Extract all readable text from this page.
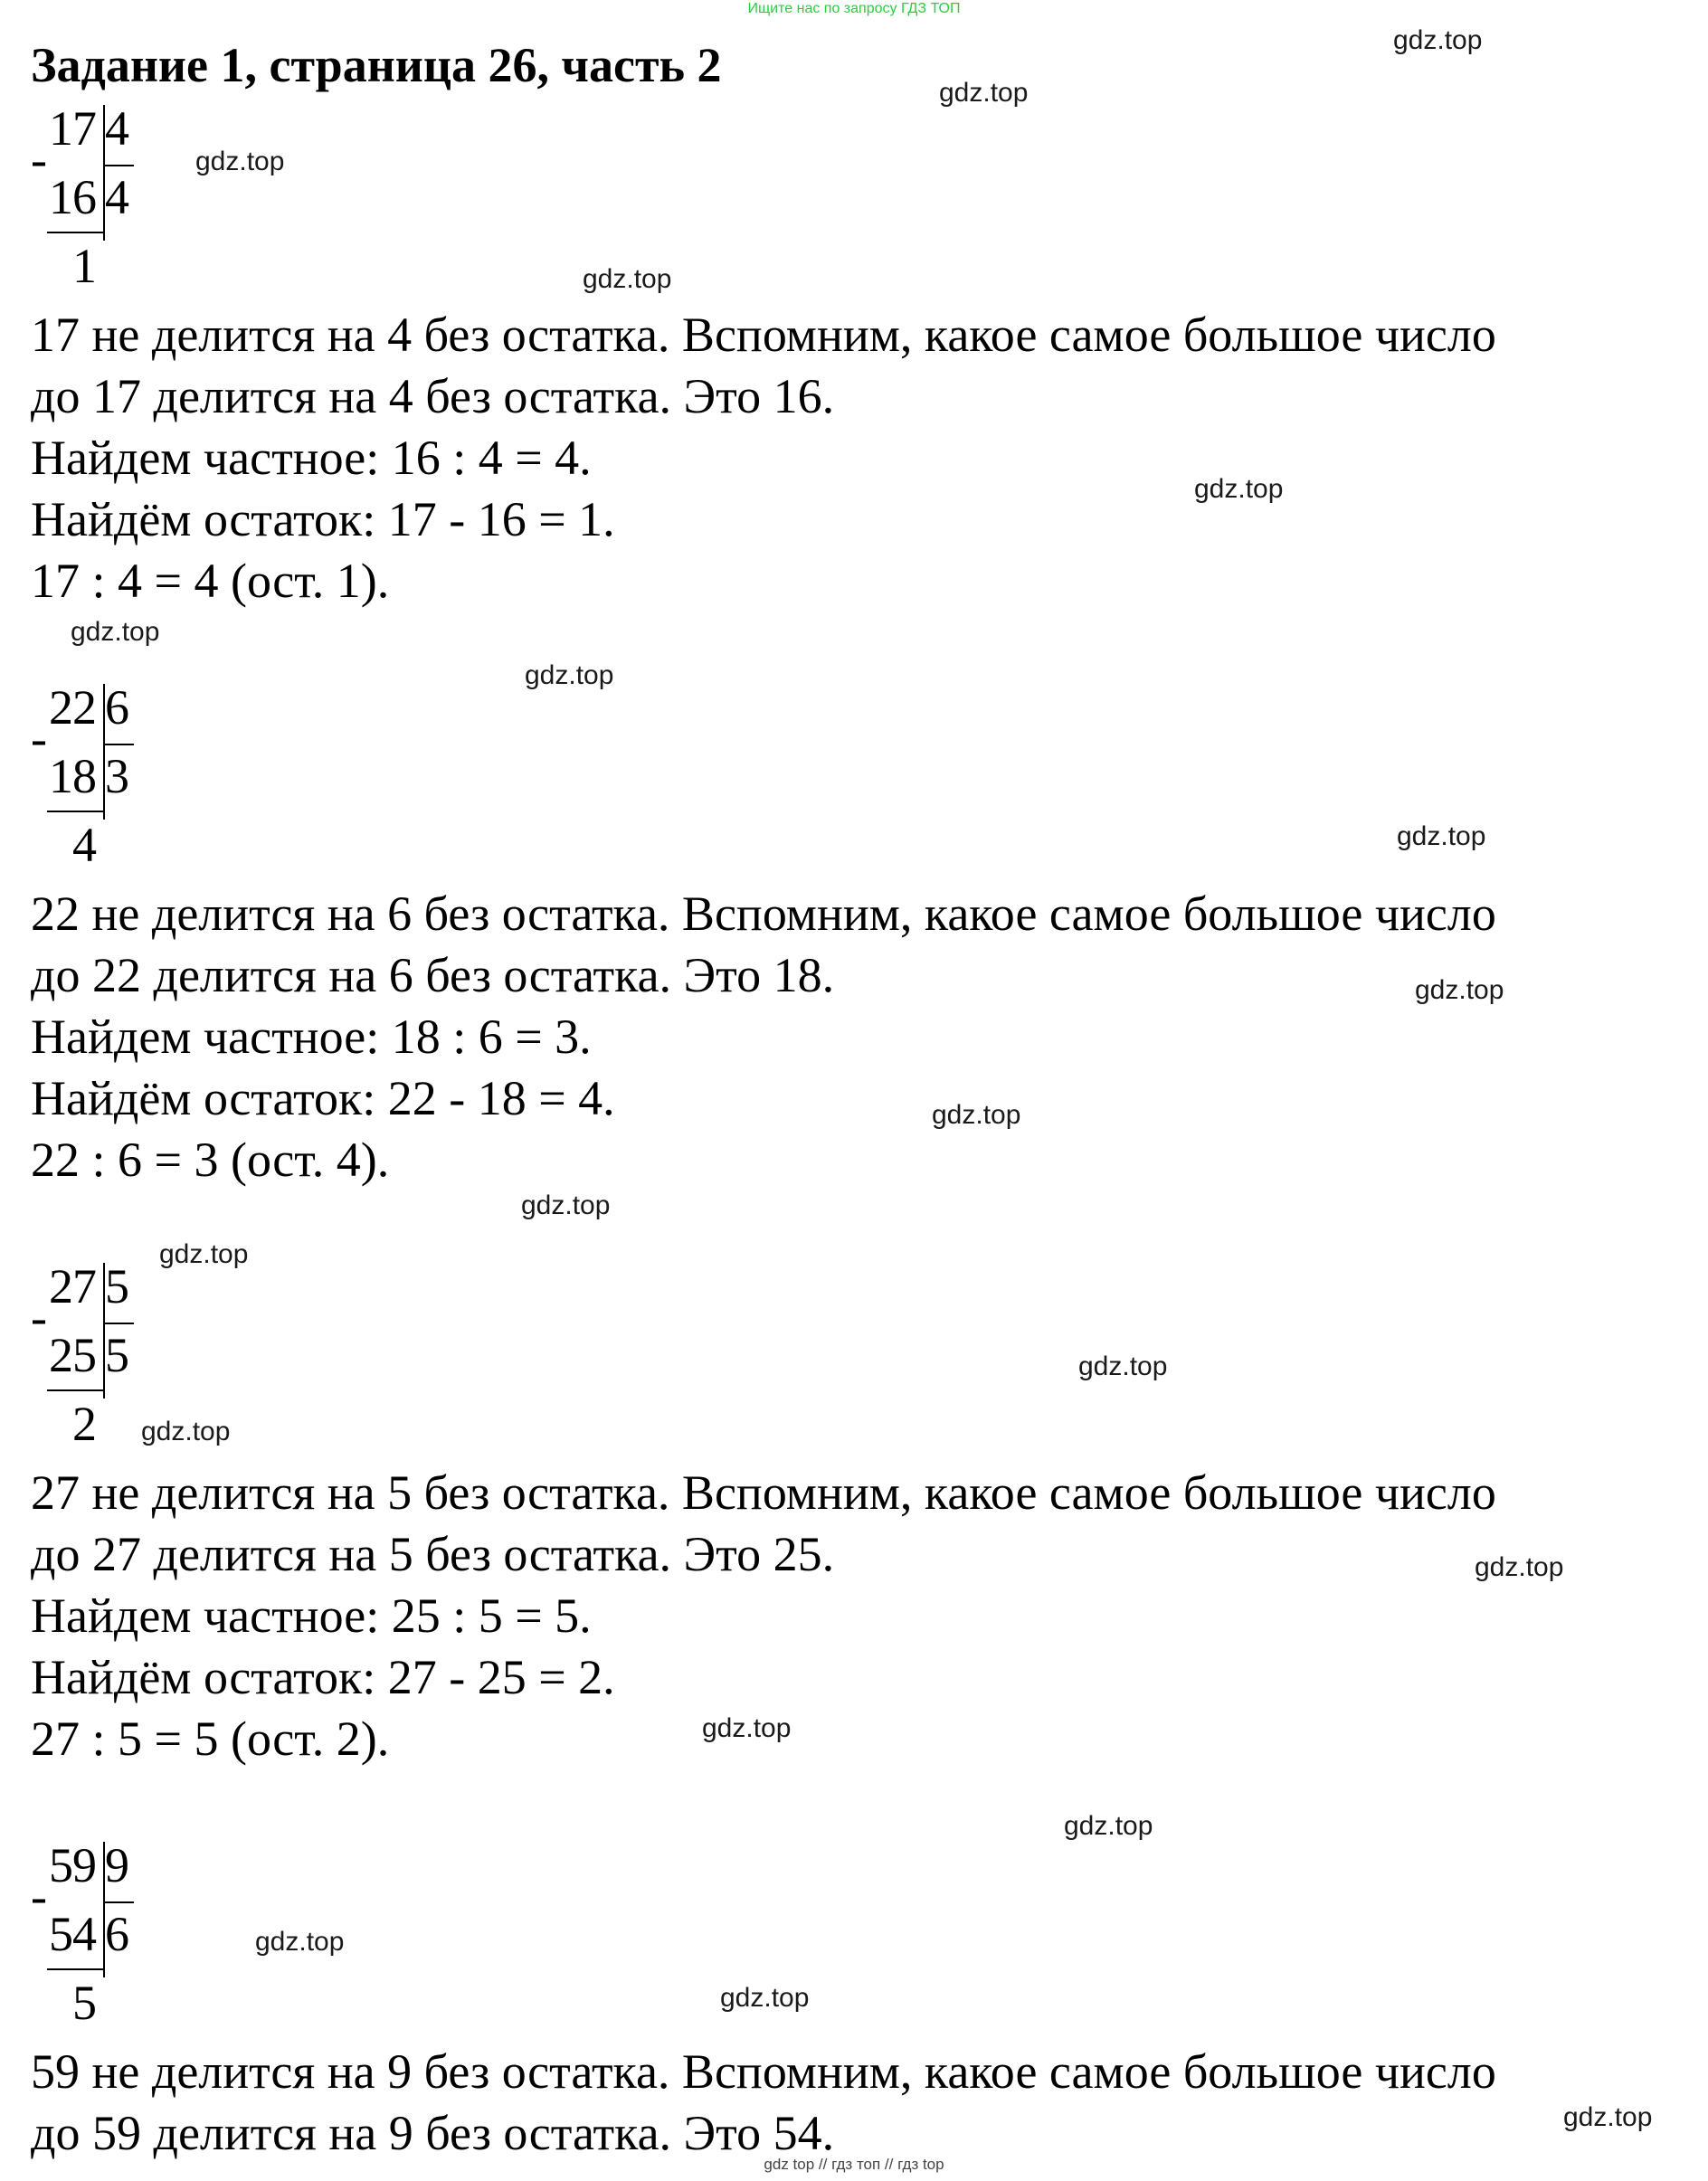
Ищите нас по запросу ГДЗ ТОП
Задание 1, страница 26, часть 2
17 4
-
16 4
1
17 не делится на 4 без остатка. Вспомним, какое самое большое число
до 17 делится на 4 без остатка. Это 16.
Найдем частное: 16 : 4 = 4.
Найдём остаток: 17 - 16 = 1.
17 : 4 = 4 (ост. 1).
22 6
-
18 3
4
22 не делится на 6 без остатка. Вспомним, какое самое большое число
до 22 делится на 6 без остатка. Это 18.
Найдем частное: 18 : 6 = 3.
Найдём остаток: 22 - 18 = 4.
22 : 6 = 3 (ост. 4).
27 5
-
25 5
2
27 не делится на 5 без остатка. Вспомним, какое самое большое число
до 27 делится на 5 без остатка. Это 25.
Найдем частное: 25 : 5 = 5.
Найдём остаток: 27 - 25 = 2.
27 : 5 = 5 (ост. 2).
59 9
-
54 6
5
59 не делится на 9 без остатка. Вспомним, какое самое большое число
до 59 делится на 9 без остатка. Это 54.
gdz.top
gdz.top
gdz.top
gdz.top
gdz.top
gdz.top
gdz.top
gdz.top
gdz.top
gdz.top
gdz.top
gdz.top
gdz.top
gdz.top
gdz.top
gdz.top
gdz.top
gdz.top
gdz.top
gdz.top
gdz top // гдз топ // гдз top
